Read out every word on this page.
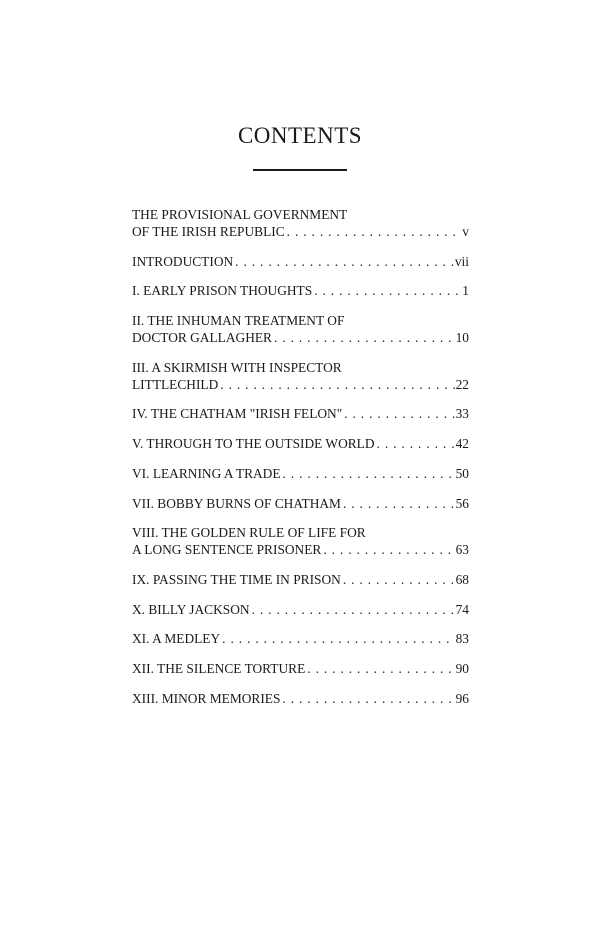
CONTENTS
THE PROVISIONAL GOVERNMENT
OF THE IRISH REPUBLIC . . .	v
INTRODUCTION . . .	vii
I. EARLY PRISON THOUGHTS . . .	1
II. THE INHUMAN TREATMENT OF
DOCTOR GALLAGHER . . .	10
III. A SKIRMISH WITH INSPECTOR
LITTLECHILD . . .	22
IV. THE CHATHAM "IRISH FELON" . . .	33
V. THROUGH TO THE OUTSIDE WORLD . . .	42
VI. LEARNING A TRADE . . .	50
VII. BOBBY BURNS OF CHATHAM . . .	56
VIII. THE GOLDEN RULE OF LIFE FOR
A LONG SENTENCE PRISONER . . .	63
IX. PASSING THE TIME IN PRISON . . .	68
X. BILLY JACKSON . . .	74
XI. A MEDLEY . . .	83
XII. THE SILENCE TORTURE . . .	90
XIII. MINOR MEMORIES . . .	96
